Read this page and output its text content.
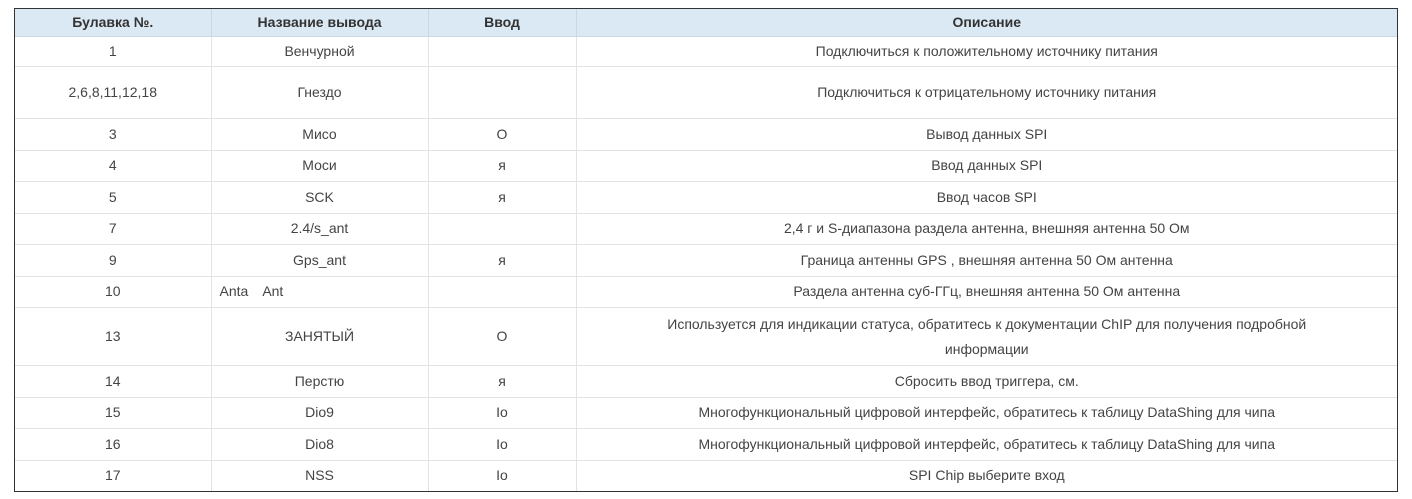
Булавка №.	Название вывода	Ввод	Описание
1	Венчурной		Подключиться к положительному источнику питания
2,6,8,11,12,18	Гнездо		Подключиться к отрицательному источнику питания
3	Мисо	O	Вывод данных SPI
4	Моси	я	Ввод данных SPI
5	SCK	я	Ввод часов SPI
7	2.4/s_ant		2,4 г и S-диапазона раздела антенна, внешняя антенна 50 Ом
9	Gps_ant	я	Граница антенны GPS , внешняя антенна 50 Ом антенна
10	Anta Ant		Раздела антенна суб-ГГц, внешняя антенна 50 Ом антенна
13	ЗАНЯТЫЙ	O	Используется для индикации статуса, обратитесь к документации ChIP для получения подробной
информации
14	Перстю	я	Сбросить ввод триггера, см.
15	Dio9	Io	Многофункциональный цифровой интерфейс, обратитесь к таблицу DataShing для чипа
16	Dio8	Io	Многофункциональный цифровой интерфейс, обратитесь к таблицу DataShing для чипа
17	NSS	Io	SPI Chip выберите вход
